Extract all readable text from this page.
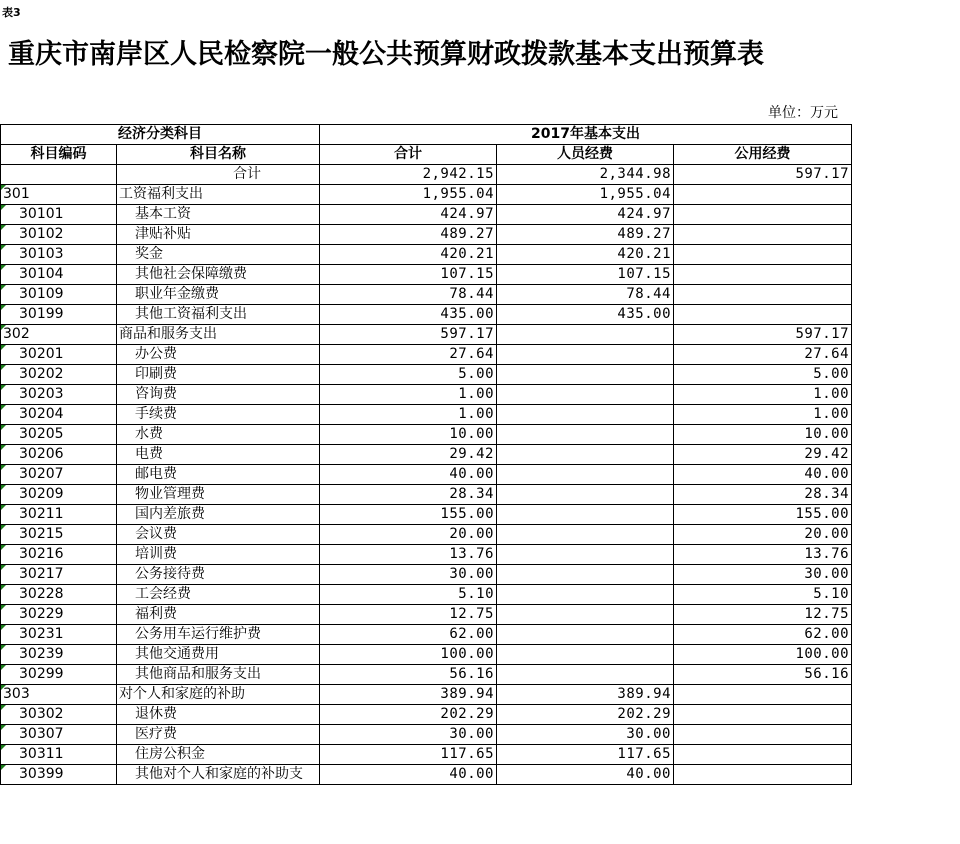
表3
重庆市南岸区人民检察院一般公共预算财政拨款基本支出预算表
单位：万元
经济分类科目		2017年基本支出		
科目编码	科目名称	合计	人员经费	公用经费
	合计	2,942.15	2,344.98	597.17
301	工资福利支出	1,955.04	1,955.04	
30101	基本工资	424.97	424.97	
30102	津贴补贴	489.27	489.27	
30103	奖金	420.21	420.21	
30104	其他社会保障缴费	107.15	107.15	
30109	职业年金缴费	78.44	78.44	
30199	其他工资福利支出	435.00	435.00	
302	商品和服务支出	597.17		597.17
30201	办公费	27.64		27.64
30202	印刷费	5.00		5.00
30203	咨询费	1.00		1.00
30204	手续费	1.00		1.00
30205	水费	10.00		10.00
30206	电费	29.42		29.42
30207	邮电费	40.00		40.00
30209	物业管理费	28.34		28.34
30211	国内差旅费	155.00		155.00
30215	会议费	20.00		20.00
30216	培训费	13.76		13.76
30217	公务接待费	30.00		30.00
30228	工会经费	5.10		5.10
30229	福利费	12.75		12.75
30231	公务用车运行维护费	62.00		62.00
30239	其他交通费用	100.00		100.00
30299	其他商品和服务支出	56.16		56.16
303	对个人和家庭的补助	389.94	389.94	
30302	退休费	202.29	202.29	
30307	医疗费	30.00	30.00	
30311	住房公积金	117.65	117.65	
30399	其他对个人和家庭的补助支	40.00	40.00	
